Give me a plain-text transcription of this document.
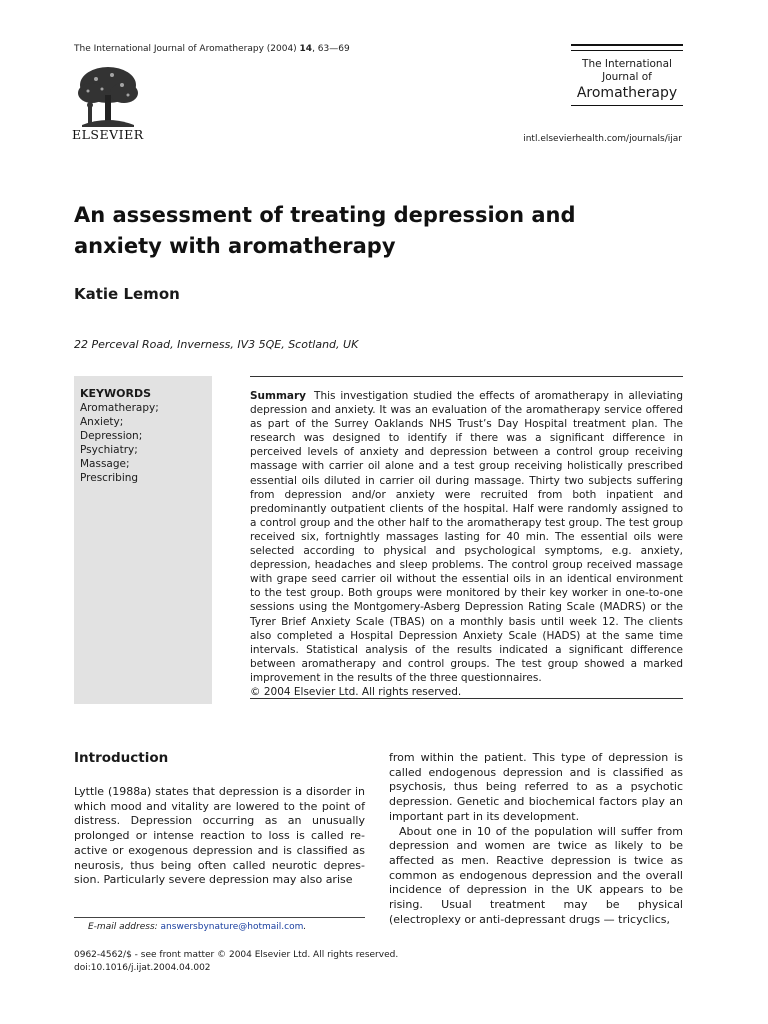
The International Journal of Aromatherapy (2004) 14, 63—69
ELSEVIER
The International
Journal of
Aromatherapy
intl.elsevierhealth.com/journals/ijar
An assessment of treating depression and anxiety with aromatherapy
Katie Lemon
22 Perceval Road, Inverness, IV3 5QE, Scotland, UK
KEYWORDS
Aromatherapy;
Anxiety;
Depression;
Psychiatry;
Massage;
Prescribing
Summary This investigation studied the effects of aromatherapy in alleviating depression and anxiety. It was an evaluation of the aromatherapy service offered as part of the Surrey Oaklands NHS Trust’s Day Hospital treatment plan. The research was designed to identify if there was a significant difference in perceived levels of anxiety and depression between a control group receiving massage with carrier oil alone and a test group receiving holistically prescribed essential oils diluted in carrier oil during massage. Thirty two subjects suffering from depression and/or anxiety were recruited from both inpatient and predominantly outpatient clients of the hospital. Half were randomly assigned to a control group and the other half to the aromatherapy test group. The test group received six, fortnightly massages lasting for 40 min. The essential oils were selected according to physical and psychological symptoms, e.g. anxiety, depression, headaches and sleep problems. The control group received massage with grape seed carrier oil without the essential oils in an identical environment to the test group. Both groups were monitored by their key worker in one-to-one sessions using the Montgomery-Asberg Depression Rating Scale (MADRS) or the Tyrer Brief Anxiety Scale (TBAS) on a monthly basis until week 12. The clients also completed a Hospital Depression Anxiety Scale (HADS) at the same time intervals. Statistical analysis of the results indicated a significant difference between aromatherapy and control groups. The test group showed a marked improvement in the results of the three questionnaires.
© 2004 Elsevier Ltd. All rights reserved.
Introduction
Lyttle (1988a) states that depression is a disorder in which mood and vitality are lowered to the point of distress. Depression occurring as an unusually prolonged or intense reaction to loss is called reactive or exogenous depression and is classified as neurosis, thus being often called neurotic depression. Particularly severe depression may also arise

from within the patient. This type of depression is called endogenous depression and is classified as psychosis, thus being referred to as a psychotic depression. Genetic and biochemical factors play an important part in its development.

About one in 10 of the population will suffer from depression and women are twice as likely to be affected as men. Reactive depression is twice as common as endogenous depression and the overall incidence of depression in the UK appears to be rising. Usual treatment may be physical (electroplexy or anti-depressant drugs — tricyclics,

E-mail address: answersbynature@hotmail.com.
0962-4562/$ - see front matter © 2004 Elsevier Ltd. All rights reserved.
doi:10.1016/j.ijat.2004.04.002
